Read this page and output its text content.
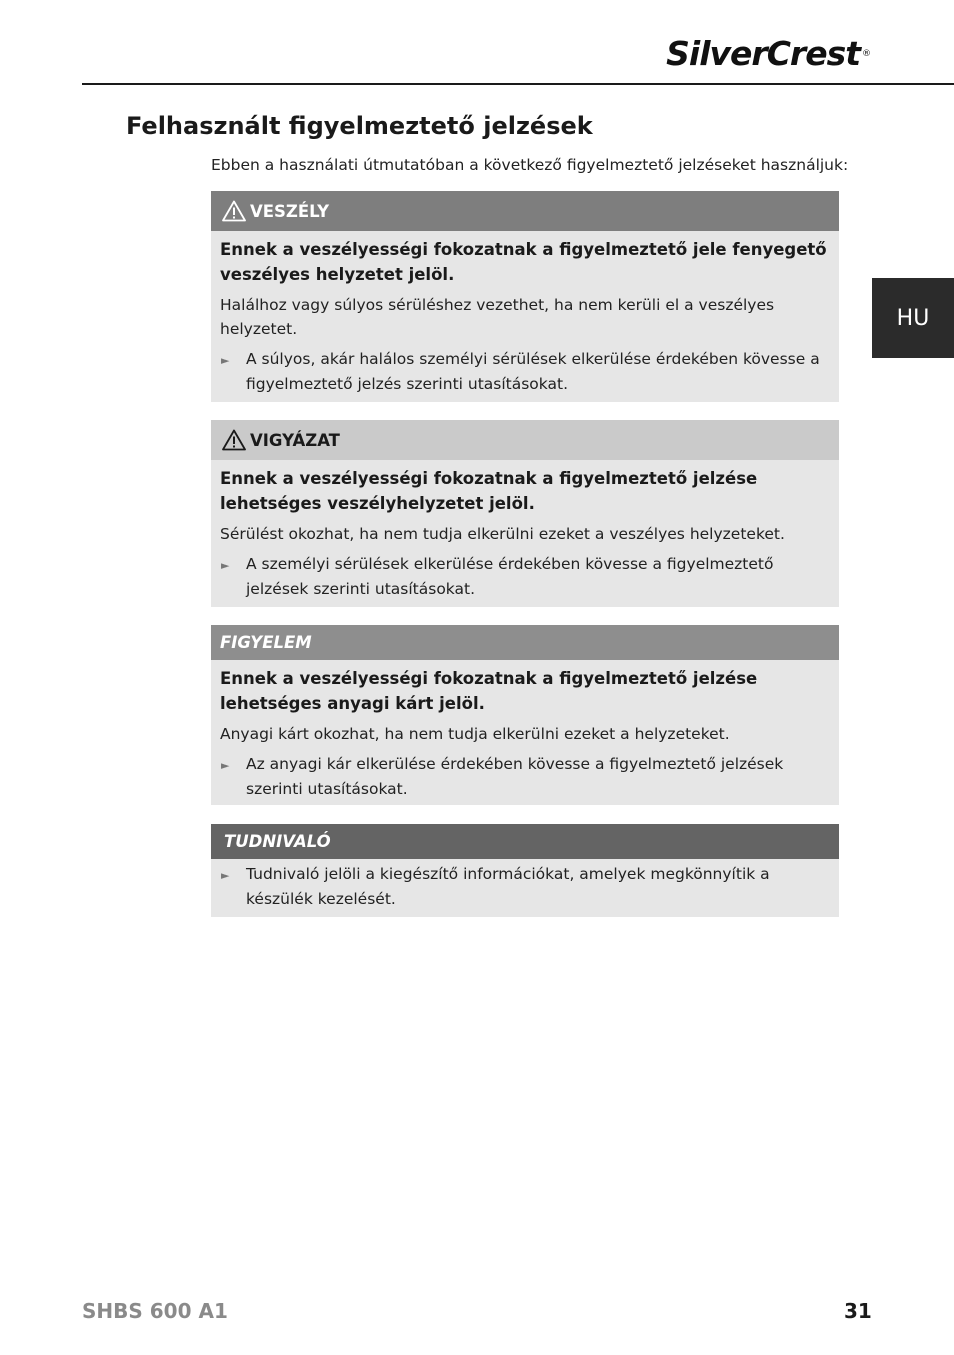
SilverCrest ®
HU
Felhasznált figyelmeztető jelzések
Ebben a használati útmutatóban a következő figyelmeztető jelzéseket használjuk:
VESZÉLY

Ennek a veszélyességi fokozatnak a figyelmeztető jele fenyegető veszélyes helyzetet jelöl.

Halálhoz vagy súlyos sérüléshez vezethet, ha nem kerüli el a veszélyes helyzetet.

► A súlyos, akár halálos személyi sérülések elkerülése érdekében kövesse a figyelmeztető jelzés szerinti utasításokat.

VIGYÁZAT

Ennek a veszélyességi fokozatnak a figyelmeztető jelzése lehetséges veszélyhelyzetet jelöl.

Sérülést okozhat, ha nem tudja elkerülni ezeket a veszélyes helyzeteket.

► A személyi sérülések elkerülése érdekében kövesse a figyelmeztető jelzések szerinti utasításokat.

FIGYELEM

Ennek a veszélyességi fokozatnak a figyelmeztető jelzése lehetséges anyagi kárt jelöl.

Anyagi kárt okozhat, ha nem tudja elkerülni ezeket a helyzeteket.

► Az anyagi kár elkerülése érdekében kövesse a figyelmeztető jelzések szerinti utasításokat.

TUDNIVALÓ

► Tudnivaló jelöli a kiegészítő információkat, amelyek megkönnyítik a készülék kezelését.

SHBS 600 A1	31
